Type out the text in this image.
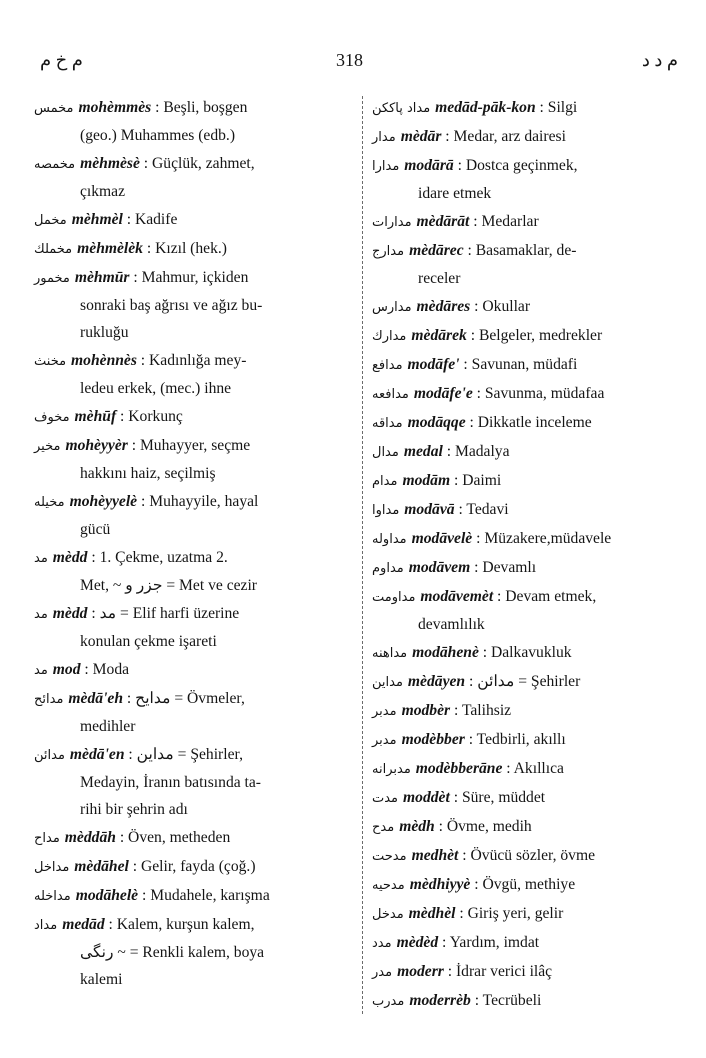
م خ م	318	م د د
مخمس mohèmmès : Beşli, boşgen
(geo.) Muhammes (edb.)
مخمصه mèhmèsè : Güçlük, zahmet,
çıkmaz
مخمل mèhmèl : Kadife
مخملك mèhmèlèk : Kızıl (hek.)
مخمور mèhmūr : Mahmur, içkiden
sonraki baş ağrısı ve ağız bu-
rukluğu
مخنث mohènnès : Kadınlığa mey-
ledeu erkek, (mec.) ihne
مخوف mèhūf : Korkunç
مخير mohèyyèr : Muhayyer, seçme
hakkını haiz, seçilmiş
مخيله mohèyyelè : Muhayyile, hayal
gücü
مد mèdd : 1. Çekme, uzatma 2.
Met, ~ جزر و = Met ve cezir
مد mèdd : مد = Elif harfi üzerine
konulan çekme işareti
مد mod : Moda
مدائح mèdā'eh : مدايح = Övmeler,
medihler
مدائن mèdā'en : مداين = Şehirler,
Medayin, İranın batısında ta-
rihi bir şehrin adı
مداح mèddāh : Öven, metheden
مداخل mèdāhel : Gelir, fayda (çoğ.)
مداخله modāhelè : Mudahele, karışma
مداد medād : Kalem, kurşun kalem,
رنگى ~ = Renkli kalem, boya
kalemi
مداد پاككن medād-pāk-kon : Silgi
مدار mèdār : Medar, arz dairesi
مدارا modārā : Dostca geçinmek,
idare etmek
مدارات mèdārāt : Medarlar
مدارج mèdārec : Basamaklar, de-
receler
مدارس mèdāres : Okullar
مدارك mèdārek : Belgeler, medrekler
مدافع modāfe' : Savunan, müdafi
مدافعه modāfe'e : Savunma, müdafaa
مداقه modāqqe : Dikkatle inceleme
مدال medal : Madalya
مدام modām : Daimi
مداوا modāvā : Tedavi
مداوله modāvelè : Müzakere,müdavele
مداوم modāvem : Devamlı
مداومت modāvemèt : Devam etmek,
devamlılık
مداهنه modāhenè : Dalkavukluk
مداين mèdāyen : مدائن = Şehirler
مدبر modbèr : Talihsiz
مدبر modèbber : Tedbirli, akıllı
مدبرانه modèbberāne : Akıllıca
مدت moddèt : Süre, müddet
مدح mèdh : Övme, medih
مدحت medhèt : Övücü sözler, övme
مدحيه mèdhiyyè : Övgü, methiye
مدخل mèdhèl : Giriş yeri, gelir
مدد mèdèd : Yardım, imdat
مدر moderr : İdrar verici ilâç
مدرب moderrèb : Tecrübeli
